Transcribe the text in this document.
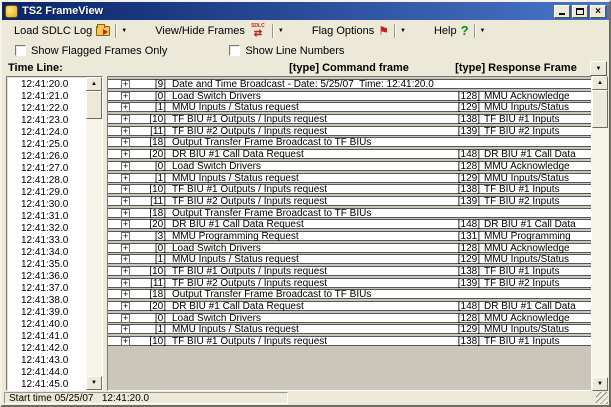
TS2 FrameView	×
Load SDLC Log	▼	View/Hide Frames SDLC
⇄	▼	Flag Options ⚑ ▼	Help ? ▼
Show Flagged Frames Only	Show Line Numbers
Time Line:	[type] Command frame	[type] Response Frame	▼
12:41:20.0
12:41:21.0
12:41:22.0
12:41:23.0
12:41:24.0
12:41:25.0
12:41:26.0
12:41:27.0
12:41:28.0
12:41:29.0
12:41:30.0
12:41:31.0
12:41:32.0
12:41:33.0
12:41:34.0
12:41:35.0
12:41:36.0
12:41:37.0
12:41:38.0
12:41:39.0
12:41:40.0
12:41:41.0
12:41:42.0
12:41:43.0
12:41:44.0
12:41:45.0
▲
▼
+	[9] Date and Time Broadcast - Date: 5/25/07  Time: 12:41:20.0
+	[0] Load Switch Drivers	[128] MMU Acknowledge
+	[1] MMU Inputs / Status request	[129] MMU Inputs/Status
+	[10] TF BIU #1 Outputs / Inputs request	[138] TF BIU #1 Inputs
+	[11] TF BIU #2 Outputs / Inputs request	[139] TF BIU #2 Inputs
+	[18] Output Transfer Frame Broadcast to TF BIUs
+	[20] DR BIU #1 Call Data Request	[148] DR BIU #1 Call Data
+	[0] Load Switch Drivers	[128] MMU Acknowledge
+	[1] MMU Inputs / Status request	[129] MMU Inputs/Status
+	[10] TF BIU #1 Outputs / Inputs request	[138] TF BIU #1 Inputs
+	[11] TF BIU #2 Outputs / Inputs request	[139] TF BIU #2 Inputs
+	[18] Output Transfer Frame Broadcast to TF BIUs
+	[20] DR BIU #1 Call Data Request	[148] DR BIU #1 Call Data
+	[3] MMU Programming Request	[131] MMU Programming
+	[0] Load Switch Drivers	[128] MMU Acknowledge
+	[1] MMU Inputs / Status request	[129] MMU Inputs/Status
+	[10] TF BIU #1 Outputs / Inputs request	[138] TF BIU #1 Inputs
+	[11] TF BIU #2 Outputs / Inputs request	[139] TF BIU #2 Inputs
+	[18] Output Transfer Frame Broadcast to TF BIUs
+	[20] DR BIU #1 Call Data Request	[148] DR BIU #1 Call Data
+	[0] Load Switch Drivers	[128] MMU Acknowledge
+	[1] MMU Inputs / Status request	[129] MMU Inputs/Status
+	[10] TF BIU #1 Outputs / Inputs request	[138] TF BIU #1 Inputs
▲
▼
Start time 05/25/07   12:41:20.0
